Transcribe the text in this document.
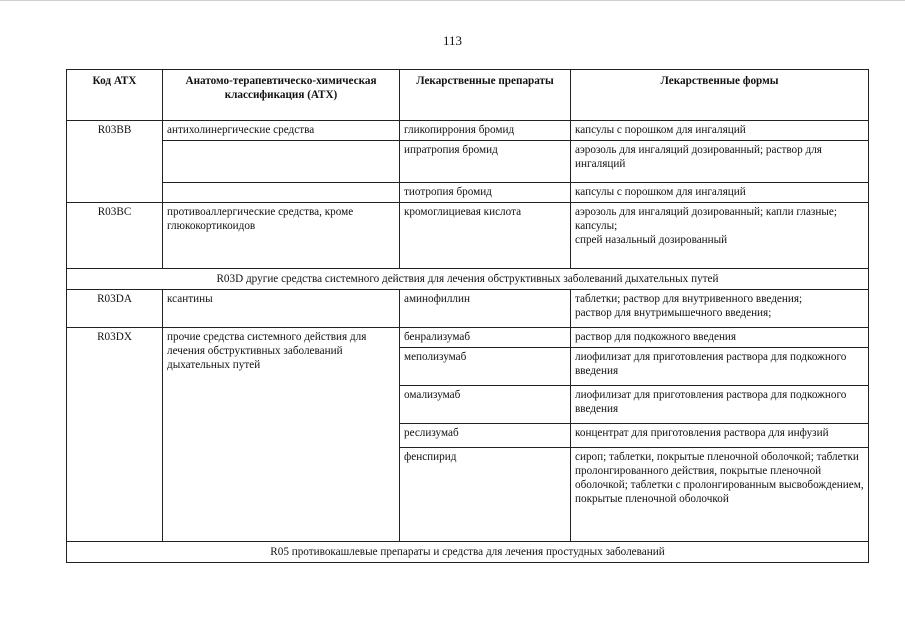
113
Код АТХ	Анатомо-терапевтическо-химическая классификация (АТХ)	Лекарственные препараты	Лекарственные формы
R03BB	антихолинергические средства	гликопиррония бромид	капсулы с порошком для ингаляций
		ипратропия бромид	аэрозоль для ингаляций дозированный; раствор для ингаляций
		тиотропия бромид	капсулы с порошком для ингаляций
R03BC	противоаллергические средства, кроме глюкокортикоидов	кромоглициевая кислота	аэрозоль для ингаляций дозированный; капли глазные;
капсулы;
спрей назальный дозированный

R03D другие средства системного действия для лечения обструктивных заболеваний дыхательных путей			
R03DA	ксантины	аминофиллин	таблетки; раствор для внутривенного введения;
раствор для внутримышечного введения;

R03DX	прочие средства системного действия для лечения обструктивных заболеваний дыхательных путей	бенрализумаб	раствор для подкожного введения
		меполизумаб	лиофилизат для приготовления раствора для подкожного введения
		омализумаб	лиофилизат для приготовления раствора для подкожного введения
		реслизумаб	концентрат для приготовления раствора для инфузий
		фенспирид	сироп; таблетки, покрытые пленочной оболочкой; таблетки пролонгированного действия, покрытые пленочной
оболочкой; таблетки с пролонгированным высвобождением, покрытые пленочной оболочкой

R05 противокашлевые препараты и средства для лечения простудных заболеваний			
